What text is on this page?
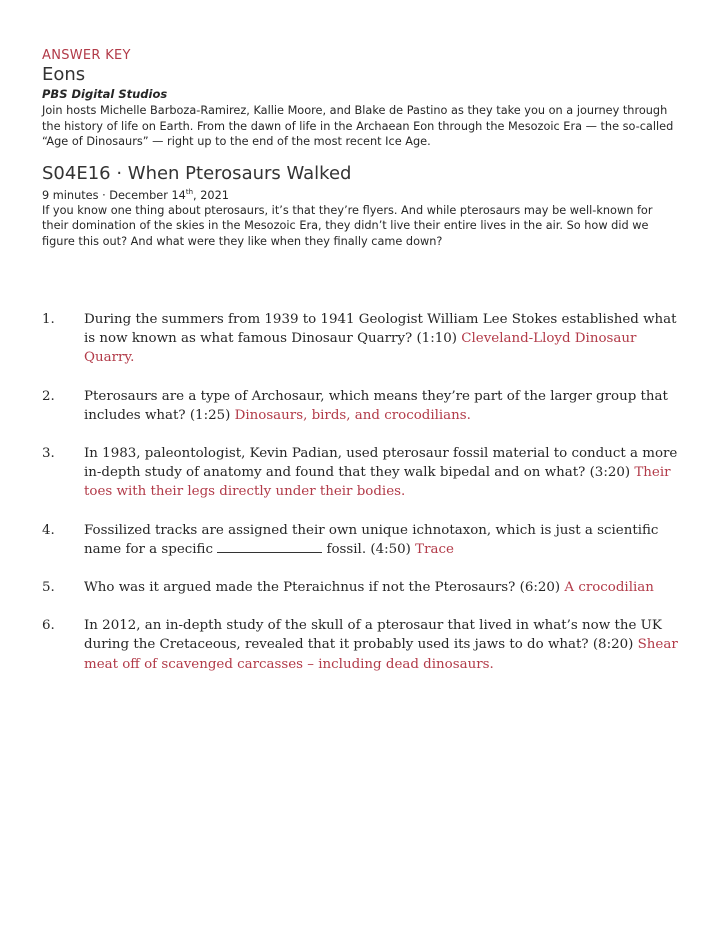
ANSWER KEY
Eons
PBS Digital Studios
Join hosts Michelle Barboza-Ramirez, Kallie Moore, and Blake de Pastino as they take you on a journey through the history of life on Earth. From the dawn of life in the Archaean Eon through the Mesozoic Era — the so-called “Age of Dinosaurs” — right up to the end of the most recent Ice Age.
S04E16 · When Pterosaurs Walked
9 minutes · December 14th, 2021
If you know one thing about pterosaurs, it’s that they’re flyers. And while pterosaurs may be well-known for their domination of the skies in the Mesozoic Era, they didn’t live their entire lives in the air. So how did we figure this out? And what were they like when they finally came down?
1.	During the summers from 1939 to 1941 Geologist William Lee Stokes established what is now known as what famous Dinosaur Quarry? (1:10) Cleveland-Lloyd Dinosaur Quarry.
2.	Pterosaurs are a type of Archosaur, which means they’re part of the larger group that includes what? (1:25) Dinosaurs, birds, and crocodilians.
3.	In 1983, paleontologist, Kevin Padian, used pterosaur fossil material to conduct a more in-depth study of anatomy and found that they walk bipedal and on what? (3:20) Their toes with their legs directly under their bodies.
4.	Fossilized tracks are assigned their own unique ichnotaxon, which is just a scientific name for a specific	fossil. (4:50) Trace
5.	Who was it argued made the Pteraichnus if not the Pterosaurs? (6:20) A crocodilian
6.	In 2012, an in-depth study of the skull of a pterosaur that lived in what’s now the UK during the Cretaceous, revealed that it probably used its jaws to do what? (8:20) Shear meat off of scavenged carcasses – including dead dinosaurs.
